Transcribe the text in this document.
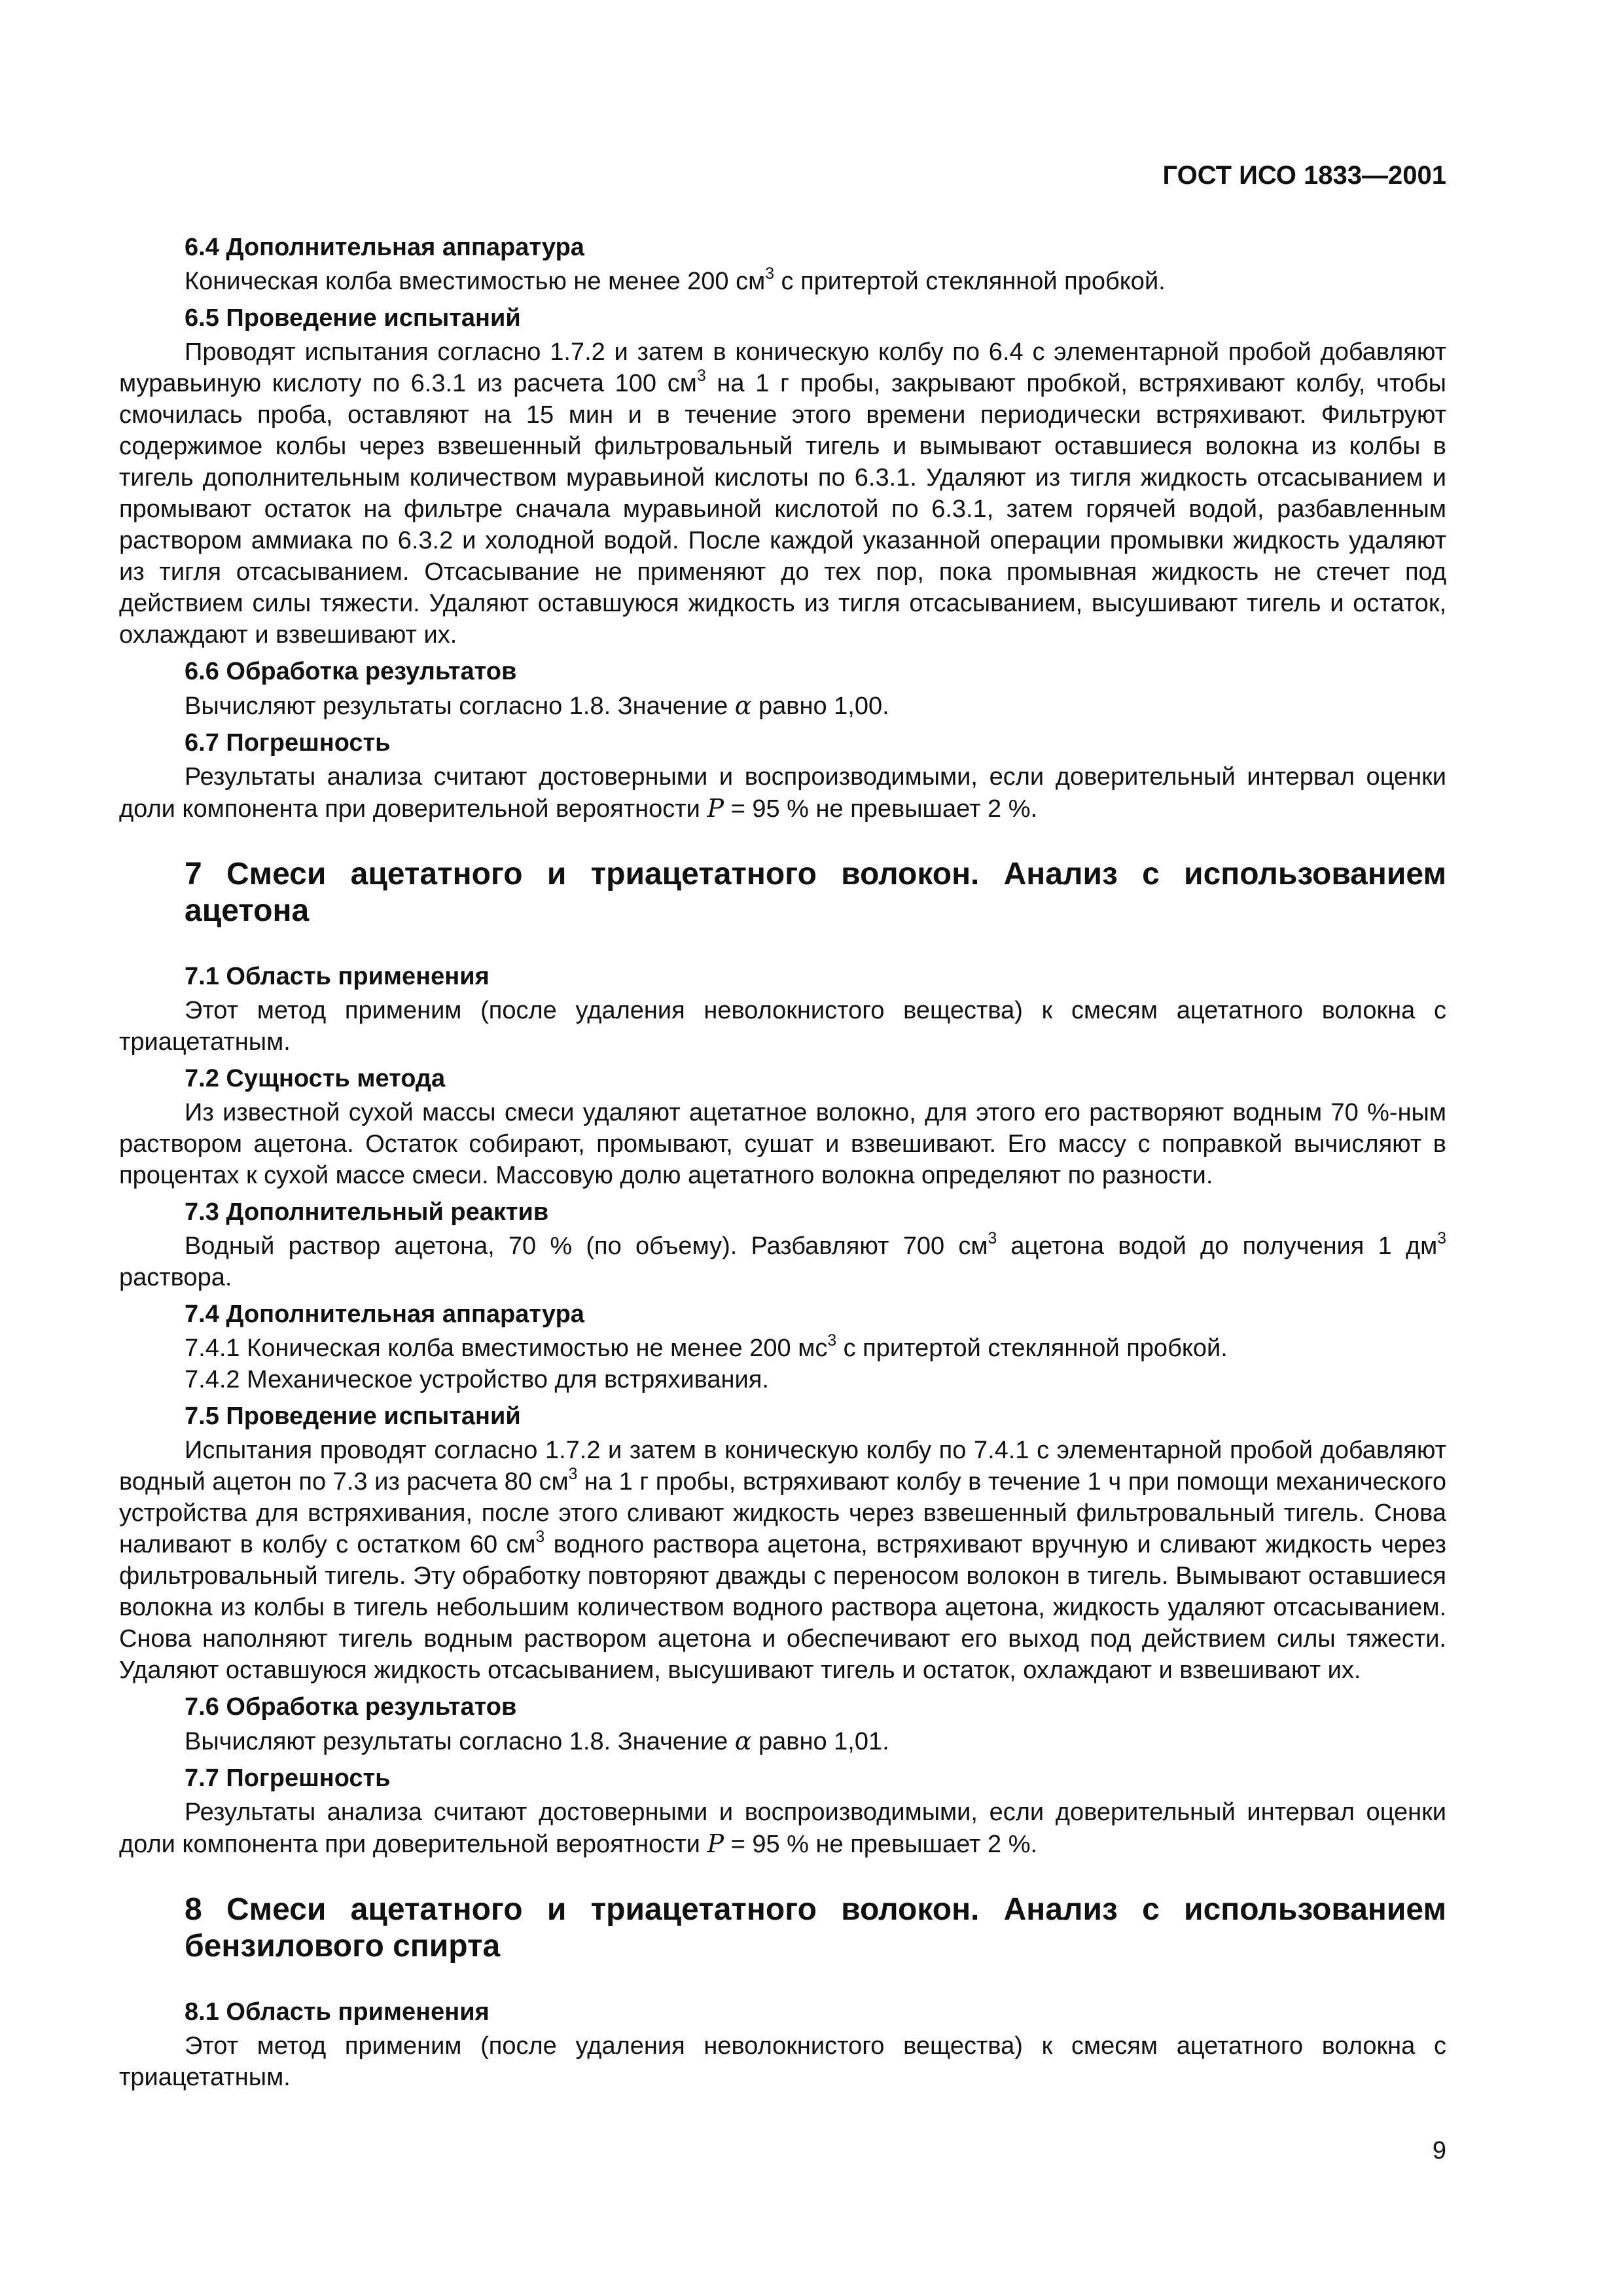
ГОСТ ИСО 1833—2001
6.4 Дополнительная аппаратура
Коническая колба вместимостью не менее 200 $см^3$ с притертой стеклянной пробкой.
6.5 Проведение испытаний
Проводят испытания согласно 1.7.2 и затем в коническую колбу по 6.4 с элементарной пробой добавляют муравьиную кислоту по 6.3.1 из расчета 100 $см^3$ на 1 г пробы, закрывают пробкой, встряхивают колбу, чтобы смочилась проба, оставляют на 15 мин и в течение этого времени периодически встряхивают. Фильтруют содержимое колбы через взвешенный фильтровальный тигель и вымывают оставшиеся волокна из колбы в тигель дополнительным количеством муравьиной кислоты по 6.3.1. Удаляют из тигля жидкость отсасыванием и промывают остаток на фильтре сначала муравьиной кислотой по 6.3.1, затем горячей водой, разбавленным раствором аммиака по 6.3.2 и холодной водой. После каждой указанной операции промывки жидкость удаляют из тигля отсасыванием. Отсасывание не применяют до тех пор, пока промывная жидкость не стечет под действием силы тяжести. Удаляют оставшуюся жидкость из тигля отсасыванием, высушивают тигель и остаток, охлаждают и взвешивают их.
6.6 Обработка результатов
Вычисляют результаты согласно 1.8. Значение α равно 1,00.
6.7 Погрешность
Результаты анализа считают достоверными и воспроизводимыми, если доверительный интервал оценки доли компонента при доверительной вероятности P = 95 % не превышает 2 %.
7 Смеси ацетатного и триацетатного волокон. Анализ с использованием ацетона
7.1 Область применения
Этот метод применим (после удаления неволокнистого вещества) к смесям ацетатного волокна с триацетатным.
7.2 Сущность метода
Из известной сухой массы смеси удаляют ацетатное волокно, для этого его растворяют водным 70 %-ным раствором ацетона. Остаток собирают, промывают, сушат и взвешивают. Его массу с поправкой вычисляют в процентах к сухой массе смеси. Массовую долю ацетатного волокна определяют по разности.
7.3 Дополнительный реактив
Водный раствор ацетона, 70 % (по объему). Разбавляют 700 $см^3$ ацетона водой до получения 1 $дм^3$ раствора.
7.4 Дополнительная аппаратура
7.4.1 Коническая колба вместимостью не менее 200 $мс^3$ с притертой стеклянной пробкой.
7.4.2 Механическое устройство для встряхивания.
7.5 Проведение испытаний
Испытания проводят согласно 1.7.2 и затем в коническую колбу по 7.4.1 с элементарной пробой добавляют водный ацетон по 7.3 из расчета 80 $см^3$ на 1 г пробы, встряхивают колбу в течение 1 ч при помощи механического устройства для встряхивания, после этого сливают жидкость через взвешенный фильтровальный тигель. Снова наливают в колбу с остатком 60 $см^3$ водного раствора ацетона, встряхивают вручную и сливают жидкость через фильтровальный тигель. Эту обработку повторяют дважды с переносом волокон в тигель. Вымывают оставшиеся волокна из колбы в тигель небольшим количеством водного раствора ацетона, жидкость удаляют отсасыванием. Снова наполняют тигель водным раствором ацетона и обеспечивают его выход под действием силы тяжести. Удаляют оставшуюся жидкость отсасыванием, высушивают тигель и остаток, охлаждают и взвешивают их.
7.6 Обработка результатов
Вычисляют результаты согласно 1.8. Значение α равно 1,01.
7.7 Погрешность
Результаты анализа считают достоверными и воспроизводимыми, если доверительный интервал оценки доли компонента при доверительной вероятности P = 95 % не превышает 2 %.
8 Смеси ацетатного и триацетатного волокон. Анализ с использованием бензилового спирта
8.1 Область применения
Этот метод применим (после удаления неволокнистого вещества) к смесям ацетатного волокна с триацетатным.
9
